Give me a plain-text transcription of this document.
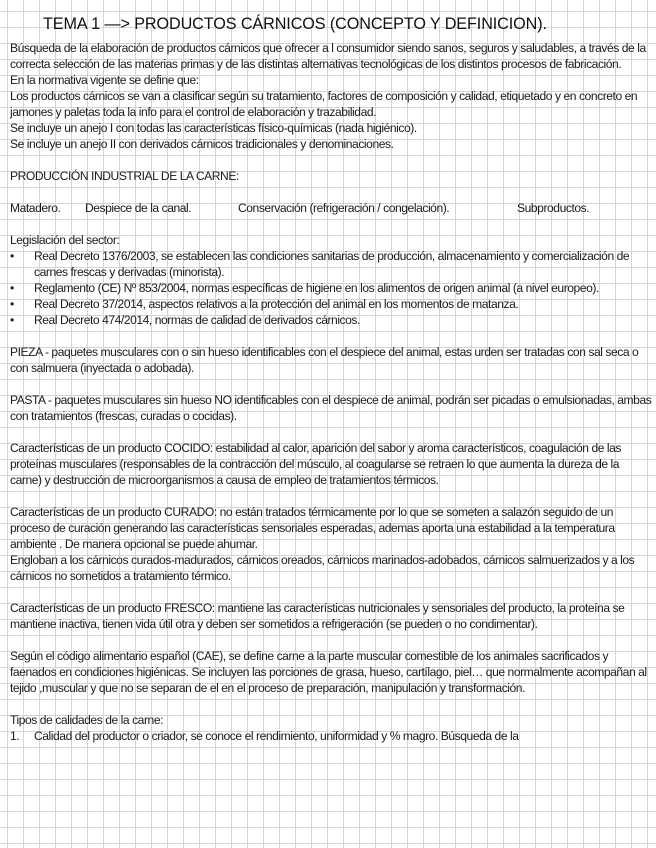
TEMA 1 —> PRODUCTOS CÁRNICOS (CONCEPTO Y DEFINICION).

Búsqueda de la elaboración de productos cárnicos que ofrecer a l consumidor siendo sanos, seguros y saludables, a través de la correcta selección de las materias primas y de las distintas alternativas tecnológicas de los distintos procesos de fabricación.

En la normativa vigente se define que:

Los productos cárnicos se van a clasificar según su tratamiento, factores de composición y calidad, etiquetado y en concreto en jamones y paletas toda la info para el control de elaboración y trazabilidad.

Se incluye un anejo I con todas las características físico-químicas (nada higiénico).

Se incluye un anejo II con derivados cárnicos tradicionales y denominaciones.

PRODUCCIÓN INDUSTRIAL DE LA CARNE:

Matadero.	Despiece de la canal.	Conservación (refrigeración / congelación).	Subproductos.

Legislación del sector:

• Real Decreto 1376/2003, se establecen las condiciones sanitarias de producción, almacenamiento y comercialización de carnes frescas y derivadas (minorista).
• Reglamento (CE) Nº 853/2004, normas específicas de higiene en los alimentos de origen animal (a nivel europeo).
• Real Decreto 37/2014, aspectos relativos a la protección del animal en los momentos de matanza.
• Real Decreto 474/2014, normas de calidad de derivados cárnicos.

PIEZA - paquetes musculares con o sin hueso identificables con el despiece del animal, estas urden ser tratadas con sal seca o con salmuera (inyectada o adobada).

PASTA - paquetes musculares sin hueso NO identificables con el despiece de animal, podrán ser picadas o emulsionadas, ambas con tratamientos (frescas, curadas o cocidas).

Características de un producto COCIDO: estabilidad al calor, aparición del sabor y aroma característicos, coagulación de las proteínas musculares (responsables de la contracción del músculo, al coagularse se retraen lo que aumenta la dureza de la carne) y destrucción de microorganismos a causa de empleo de tratamientos térmicos.

Características de un producto CURADO: no están tratados térmicamente por lo que se someten a salazón seguido de un proceso de curación generando las características sensoriales esperadas, ademas aporta una estabilidad a la temperatura ambiente . De manera opcional se puede ahumar.

Engloban a los cárnicos curados-madurados, cárnicos oreados, cárnicos marinados-adobados, cárnicos salmuerizados y a los cárnicos no sometidos a tratamiento térmico.

Características de un producto FRESCO: mantiene las características nutricionales y sensoriales del producto, la proteína se mantiene inactiva, tienen vida útil otra y deben ser sometidos a refrigeración (se pueden o no condimentar).

Según el código alimentario español (CAE), se define carne a la parte muscular comestible de los animales sacrificados y faenados en condiciones higiénicas. Se incluyen las porciones de grasa, hueso, cartílago, piel… que normalmente acompañan al tejido ,muscular y que no se separan de el en el proceso de preparación, manipulación y transformación.

Tipos de calidades de la carne:

1. Calidad del productor o criador, se conoce el rendimiento, uniformidad y % magro. Búsqueda de la
